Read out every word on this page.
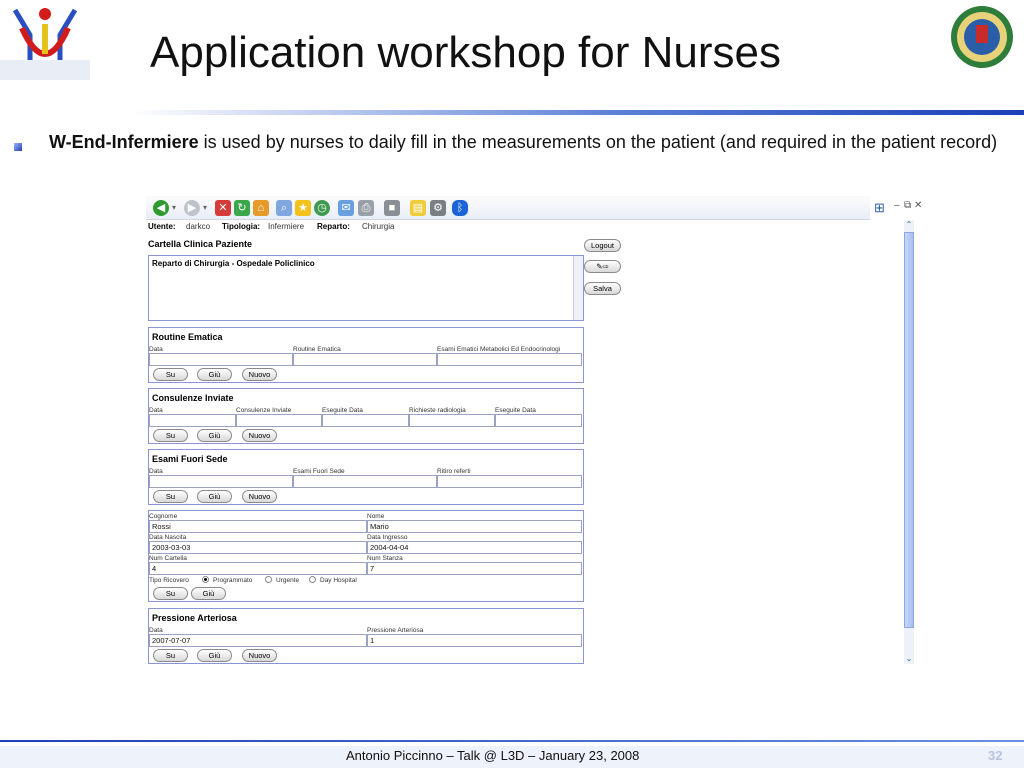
Application workshop for Nurses
W-End-Infermiere is used by nurses to daily fill in the measurements on the patient (and required in the patient record)
◀ ▾	▶ ▾	✕ ↻	⌂	⌕ ★ ◷	✉ ⎙	■	▤ ⚙	ᛒ	⊞ – ⧉ ✕
Utente: darkco Tipologia: Infermiere Reparto: Chirurgia
Cartella Clinica Paziente
Reparto di Chirurgia - Ospedale Policlinico
Logout
✎⇨
Salva
Routine Ematica
Data	Routine Ematica	Esami Ematici Metabolici Ed Endocrinologi
Su	Giù	Nuovo
Consulenze Inviate
Data	Consulenze Inviate	Eseguite Data	Richieste radiologia	Eseguite Data
Su	Giù	Nuovo
Esami Fuori Sede
Data	Esami Fuori Sede	Ritiro referti
Su	Giù	Nuovo
Cognome	Nome
Rossi	Mario
Data Nascita	Data Ingresso
2003-03-03	2004-04-04
Num Cartella	Num Stanza
4	7
Tipo Ricovero	Programmato	Urgente	Day Hospital
Su	Giù
Pressione Arteriosa
Data	Pressione Arteriosa
2007-07-07	1
Su	Giù	Nuovo
⌃
⌄
Antonio Piccinno – Talk @ L3D – January 23, 2008	32
